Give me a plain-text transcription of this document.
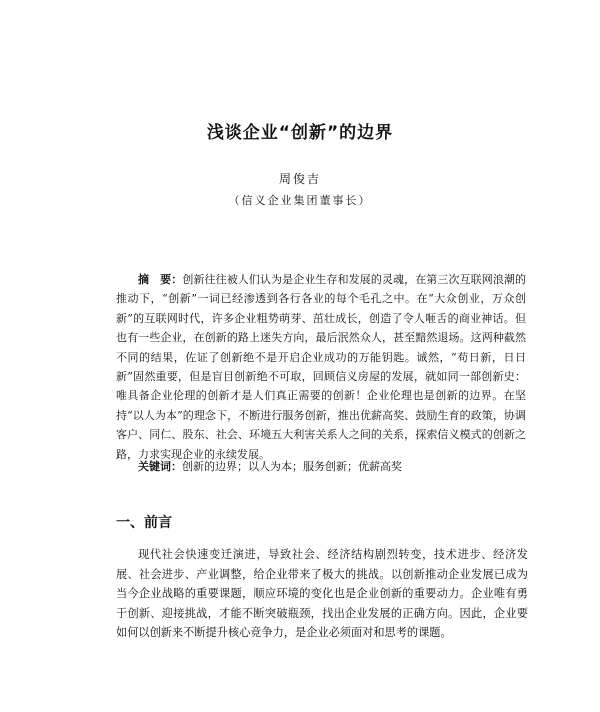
浅谈企业“创新”的边界
周俊吉
（信义企业集团董事长）

摘　要：创新往往被人们认为是企业生存和发展的灵魂，在第三次互联网浪潮的推动下，“创新”一词已经渗透到各行各业的每个毛孔之中。在“大众创业，万众创新”的互联网时代，许多企业粗势萌芽、茁壮成长，创造了令人咂舌的商业神话。但也有一些企业，在创新的路上迷失方向，最后泯然众人，甚至黯然退场。这两种截然不同的结果，佐证了创新绝不是开启企业成功的万能钥匙。诚然，“苟日新，日日新”固然重要，但是盲目创新绝不可取，回顾信义房屋的发展，就如同一部创新史：唯具备企业伦理的创新才是人们真正需要的创新！企业伦理也是创新的边界。在坚持“以人为本”的理念下，不断进行服务创新，推出优薪高奖、鼓励生育的政策，协调客户、同仁、股东、社会、环境五大利害关系人之间的关系，探索信义模式的创新之路，力求实现企业的永续发展。

关键词：创新的边界；以人为本；服务创新；优薪高奖

一、前言

现代社会快速变迁演进，导致社会、经济结构剧烈转变，技术进步、经济发展、社会进步、产业调整，给企业带来了极大的挑战。以创新推动企业发展已成为当今企业战略的重要课题，顺应环境的变化也是企业创新的重要动力。企业唯有勇于创新、迎接挑战，才能不断突破瓶颈，找出企业发展的正确方向。因此，企业要如何以创新来不断提升核心竞争力，是企业必须面对和思考的课题。
